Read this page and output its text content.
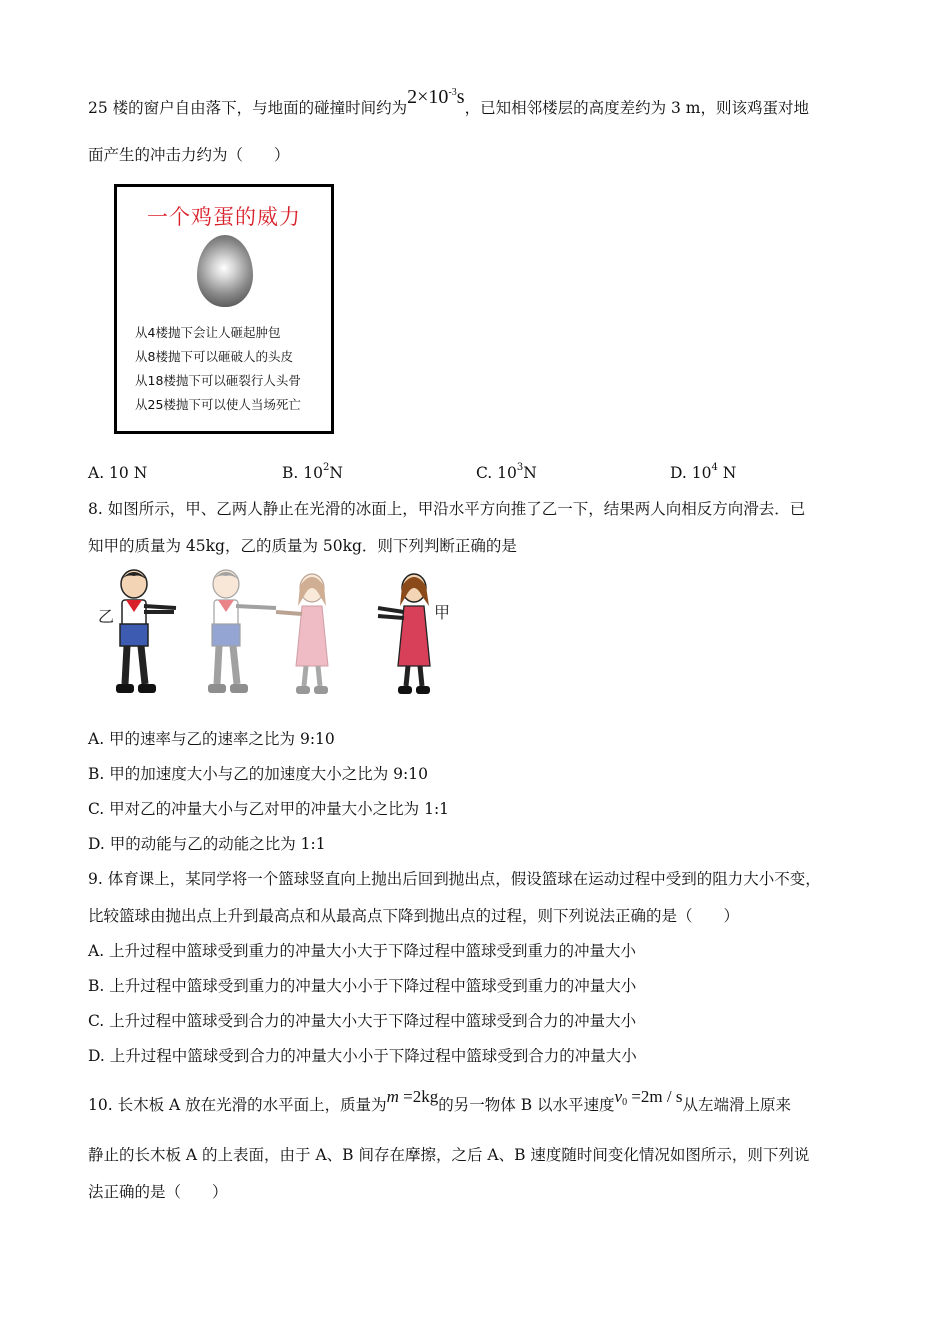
25 楼的窗户自由落下，与地面的碰撞时间约为$2\times 10^{-3}s$，已知相邻楼层的高度差约为 3 m，则该鸡蛋对地
面产生的冲击力约为（　　）
一个鸡蛋的威力
从4楼抛下会让人砸起肿包
从8楼抛下可以砸破人的头皮
从18楼抛下可以砸裂行人头骨
从25楼抛下可以使人当场死亡
A. 10 N	B. $10^2N$	C. $10^3N$	D. $10^4$ N
8. 如图所示，甲、乙两人静止在光滑的冰面上，甲沿水平方向推了乙一下，结果两人向相反方向滑去．已
知甲的质量为 45kg，乙的质量为 50kg．则下列判断正确的是
乙	甲
A. 甲的速率与乙的速率之比为 9:10
B. 甲的加速度大小与乙的加速度大小之比为 9:10
C. 甲对乙的冲量大小与乙对甲的冲量大小之比为 1:1
D. 甲的动能与乙的动能之比为 1:1
9. 体育课上，某同学将一个篮球竖直向上抛出后回到抛出点，假设篮球在运动过程中受到的阻力大小不变，
比较篮球由抛出点上升到最高点和从最高点下降到抛出点的过程，则下列说法正确的是（　　）
A. 上升过程中篮球受到重力的冲量大小大于下降过程中篮球受到重力的冲量大小
B. 上升过程中篮球受到重力的冲量大小小于下降过程中篮球受到重力的冲量大小
C. 上升过程中篮球受到合力的冲量大小大于下降过程中篮球受到合力的冲量大小
D. 上升过程中篮球受到合力的冲量大小小于下降过程中篮球受到合力的冲量大小
10. 长木板 A 放在光滑的水平面上，质量为m =2kg的另一物体 B 以水平速度$v_0 =2m / s$从左端滑上原来
静止的长木板 A 的上表面，由于 A、B 间存在摩擦，之后 A、B 速度随时间变化情况如图所示，则下列说
法正确的是（　　）
